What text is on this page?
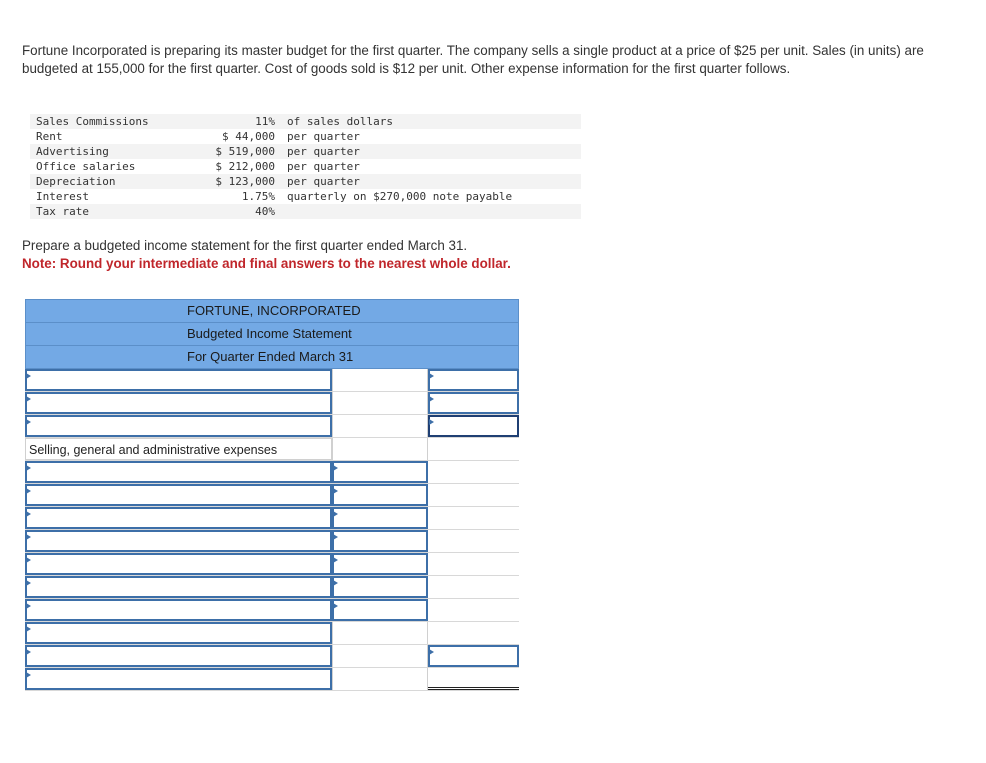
Fortune Incorporated is preparing its master budget for the first quarter. The company sells a single product at a price of $25 per unit. Sales (in units) are budgeted at 155,000 for the first quarter. Cost of goods sold is $12 per unit. Other expense information for the first quarter follows.
Sales Commissions	11%	of sales dollars
Rent	$ 44,000	per quarter
Advertising	$ 519,000	per quarter
Office salaries	$ 212,000	per quarter
Depreciation	$ 123,000	per quarter
Interest	1.75%	quarterly on $270,000 note payable
Tax rate	40%	
Prepare a budgeted income statement for the first quarter ended March 31.
Note: Round your intermediate and final answers to the nearest whole dollar.
FORTUNE, INCORPORATED
Budgeted Income Statement
For Quarter Ended March 31
Selling, general and administrative expenses
